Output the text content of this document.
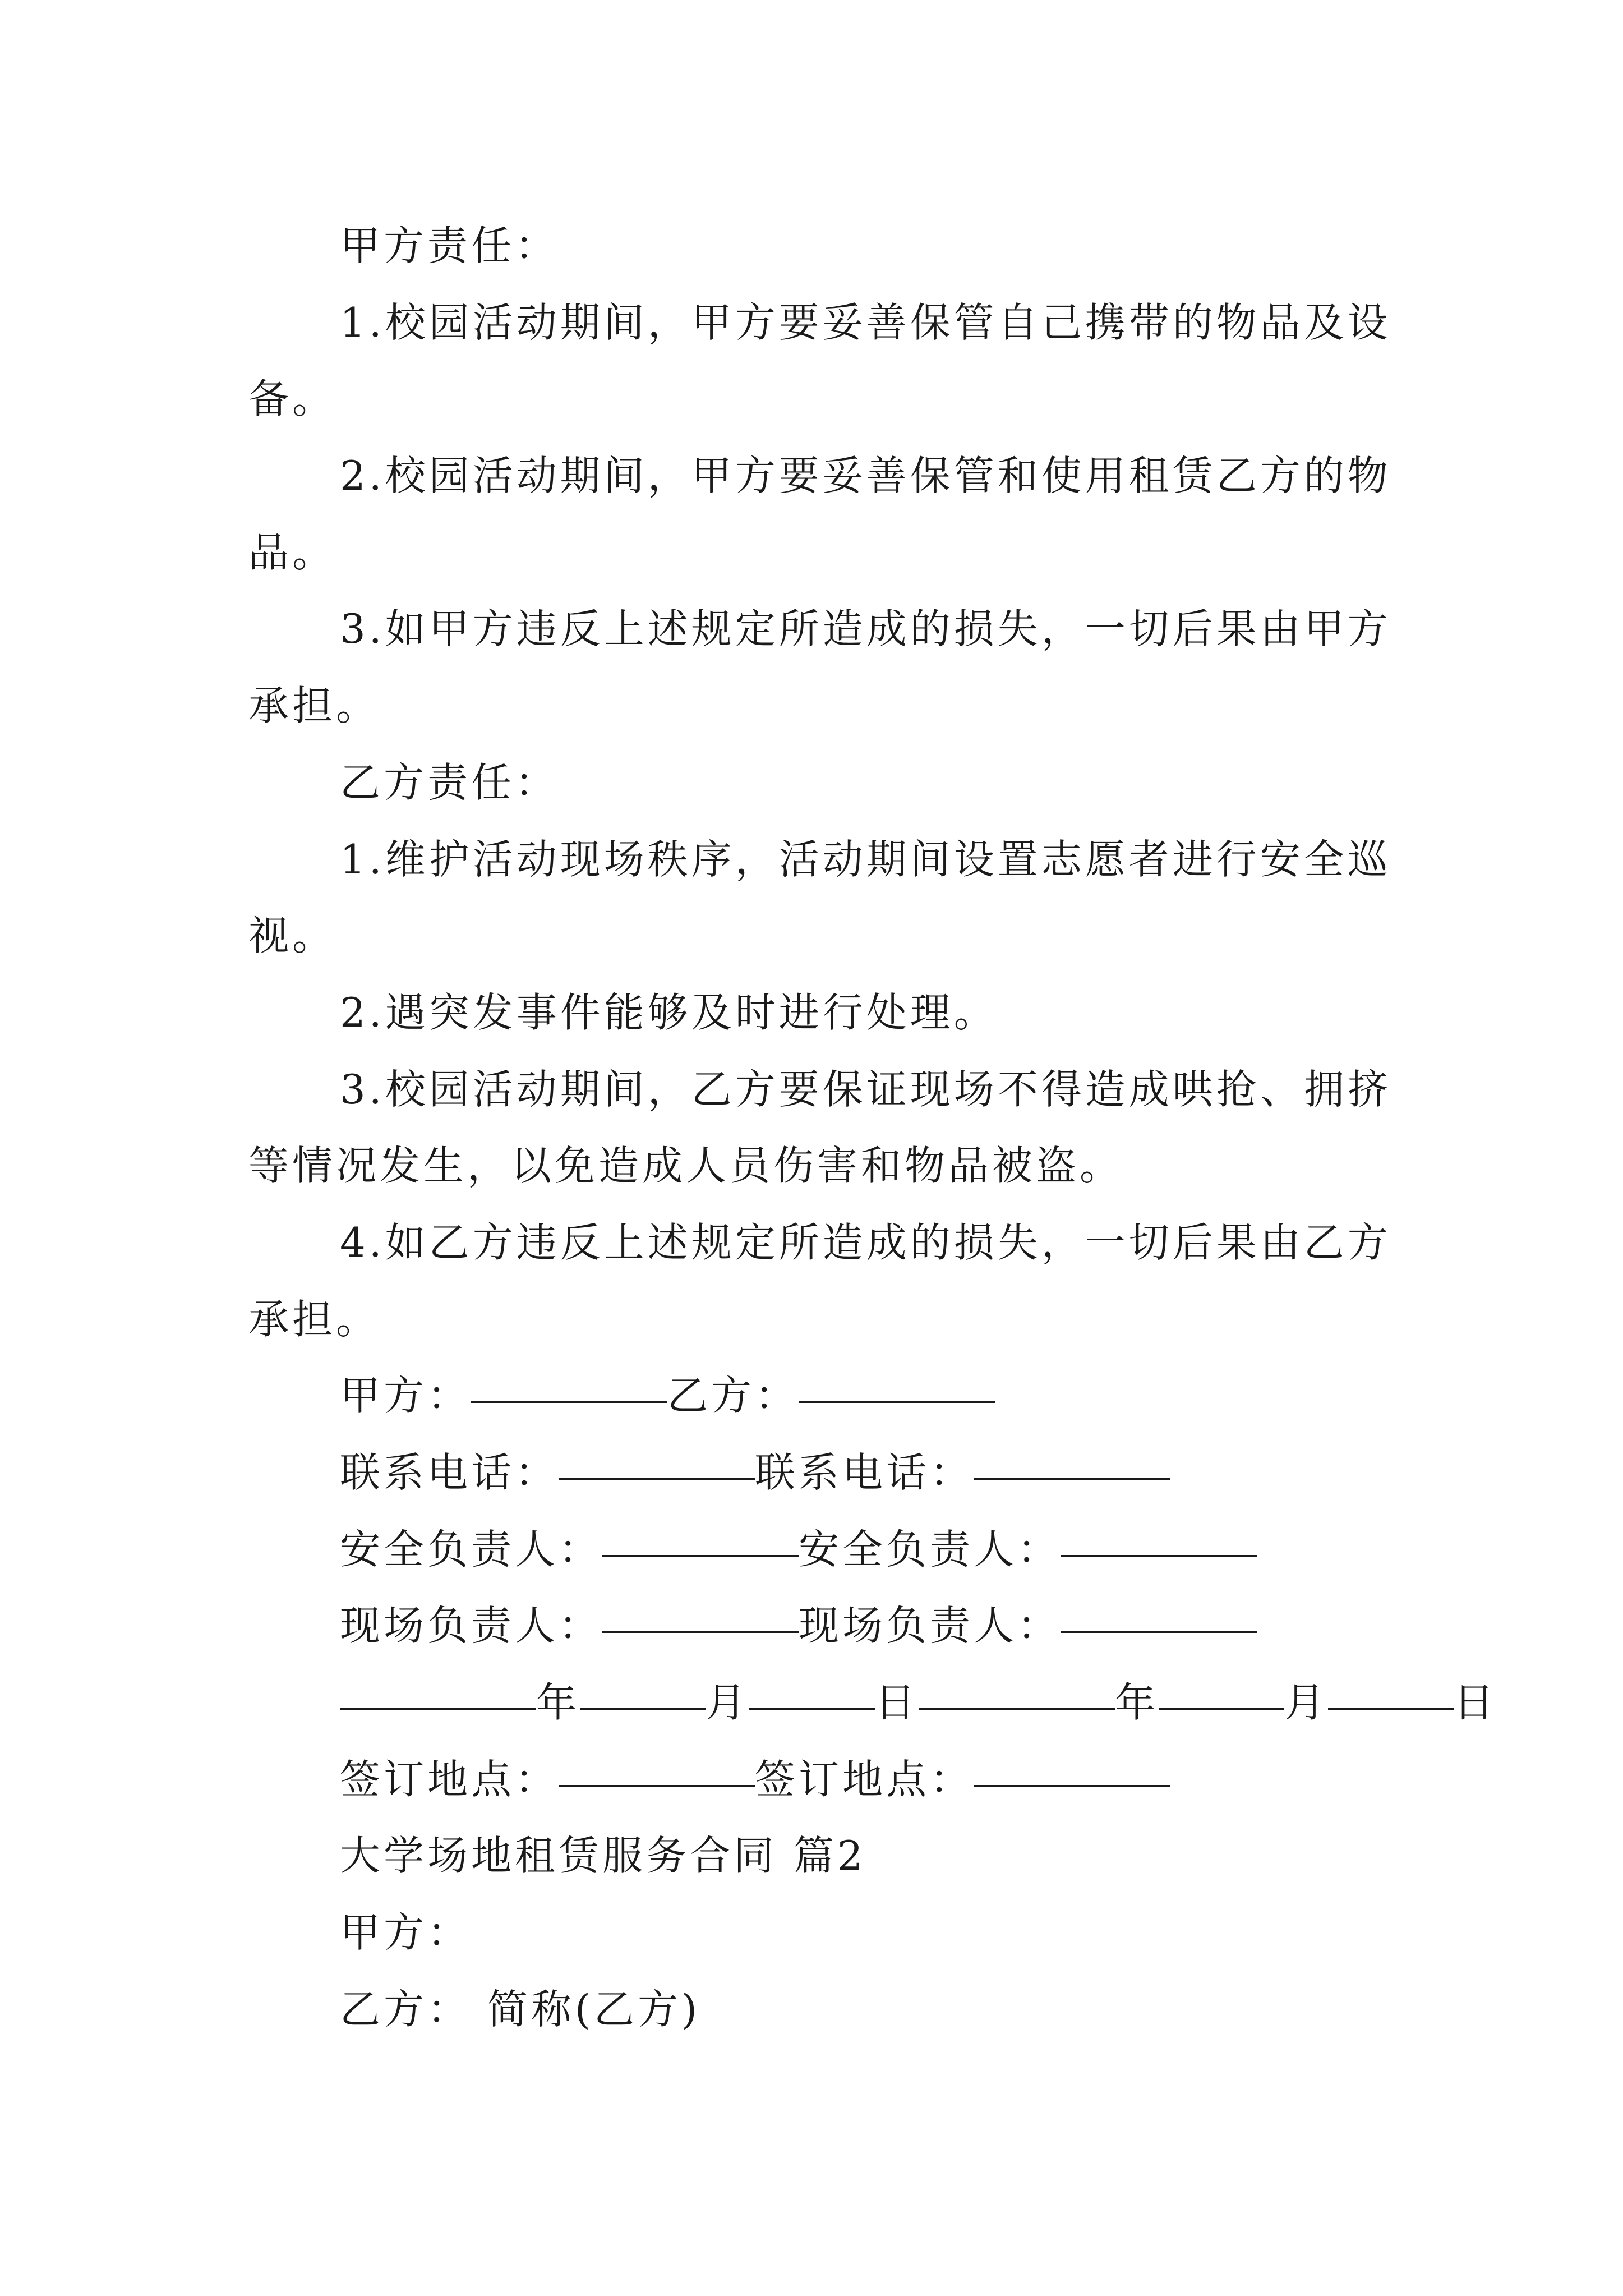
甲方责任：
1.校园活动期间，甲方要妥善保管自己携带的物品及设
备。
2.校园活动期间，甲方要妥善保管和使用租赁乙方的物
品。
3.如甲方违反上述规定所造成的损失，一切后果由甲方
承担。
乙方责任：
1.维护活动现场秩序，活动期间设置志愿者进行安全巡
视。
2.遇突发事件能够及时进行处理。
3.校园活动期间，乙方要保证现场不得造成哄抢、拥挤
等情况发生，以免造成人员伤害和物品被盗。
4.如乙方违反上述规定所造成的损失，一切后果由乙方
承担。
甲方：	乙方：
联系电话：	联系电话：
安全负责人：	安全负责人：
现场负责人：	现场负责人：
年	月	日	年	月	日
签订地点：	签订地点：
大学场地租赁服务合同 篇2
甲方：
乙方： 简称(乙方)
